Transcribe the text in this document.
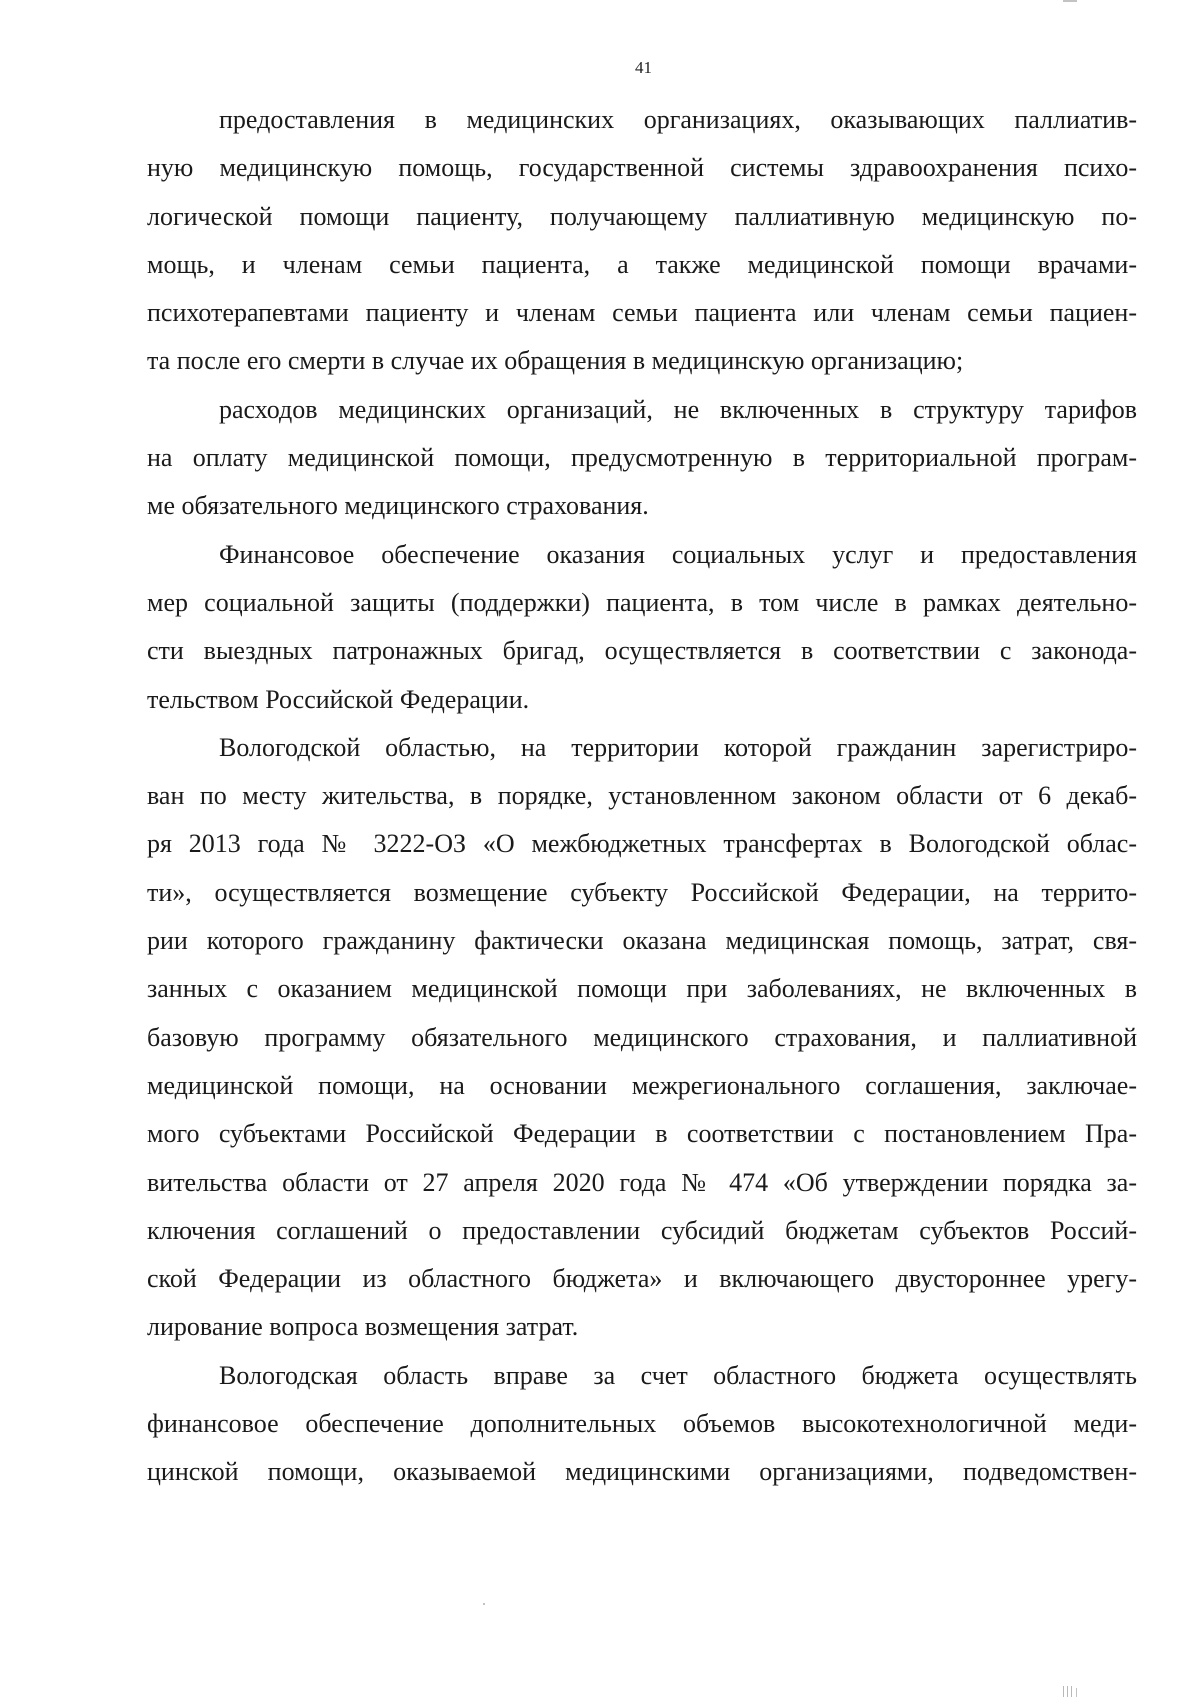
41
предоставления в медицинских организациях, оказывающих паллиатив-
ную медицинскую помощь, государственной системы здравоохранения психо-
логической помощи пациенту, получающему паллиативную медицинскую по-
мощь, и членам семьи пациента, а также медицинской помощи врачами-
психотерапевтами пациенту и членам семьи пациента или членам семьи пациен-
та после его смерти в случае их обращения в медицинскую организацию;
расходов медицинских организаций, не включенных в структуру тарифов
на оплату медицинской помощи, предусмотренную в территориальной програм-
ме обязательного медицинского страхования.
Финансовое обеспечение оказания социальных услуг и предоставления
мер социальной защиты (поддержки) пациента, в том числе в рамках деятельно-
сти выездных патронажных бригад, осуществляется в соответствии с законода-
тельством Российской Федерации.
Вологодской областью, на территории которой гражданин зарегистриро-
ван по месту жительства, в порядке, установленном законом области от 6 декаб-
ря 2013 года № 3222-ОЗ «О межбюджетных трансфертах в Вологодской облас-
ти», осуществляется возмещение субъекту Российской Федерации, на террито-
рии которого гражданину фактически оказана медицинская помощь, затрат, свя-
занных с оказанием медицинской помощи при заболеваниях, не включенных в
базовую программу обязательного медицинского страхования, и паллиативной
медицинской помощи, на основании межрегионального соглашения, заключае-
мого субъектами Российской Федерации в соответствии с постановлением Пра-
вительства области от 27 апреля 2020 года № 474 «Об утверждении порядка за-
ключения соглашений о предоставлении субсидий бюджетам субъектов Россий-
ской Федерации из областного бюджета» и включающего двустороннее урегу-
лирование вопроса возмещения затрат.
Вологодская область вправе за счет областного бюджета осуществлять
финансовое обеспечение дополнительных объемов высокотехнологичной меди-
цинской помощи, оказываемой медицинскими организациями, подведомствен-
